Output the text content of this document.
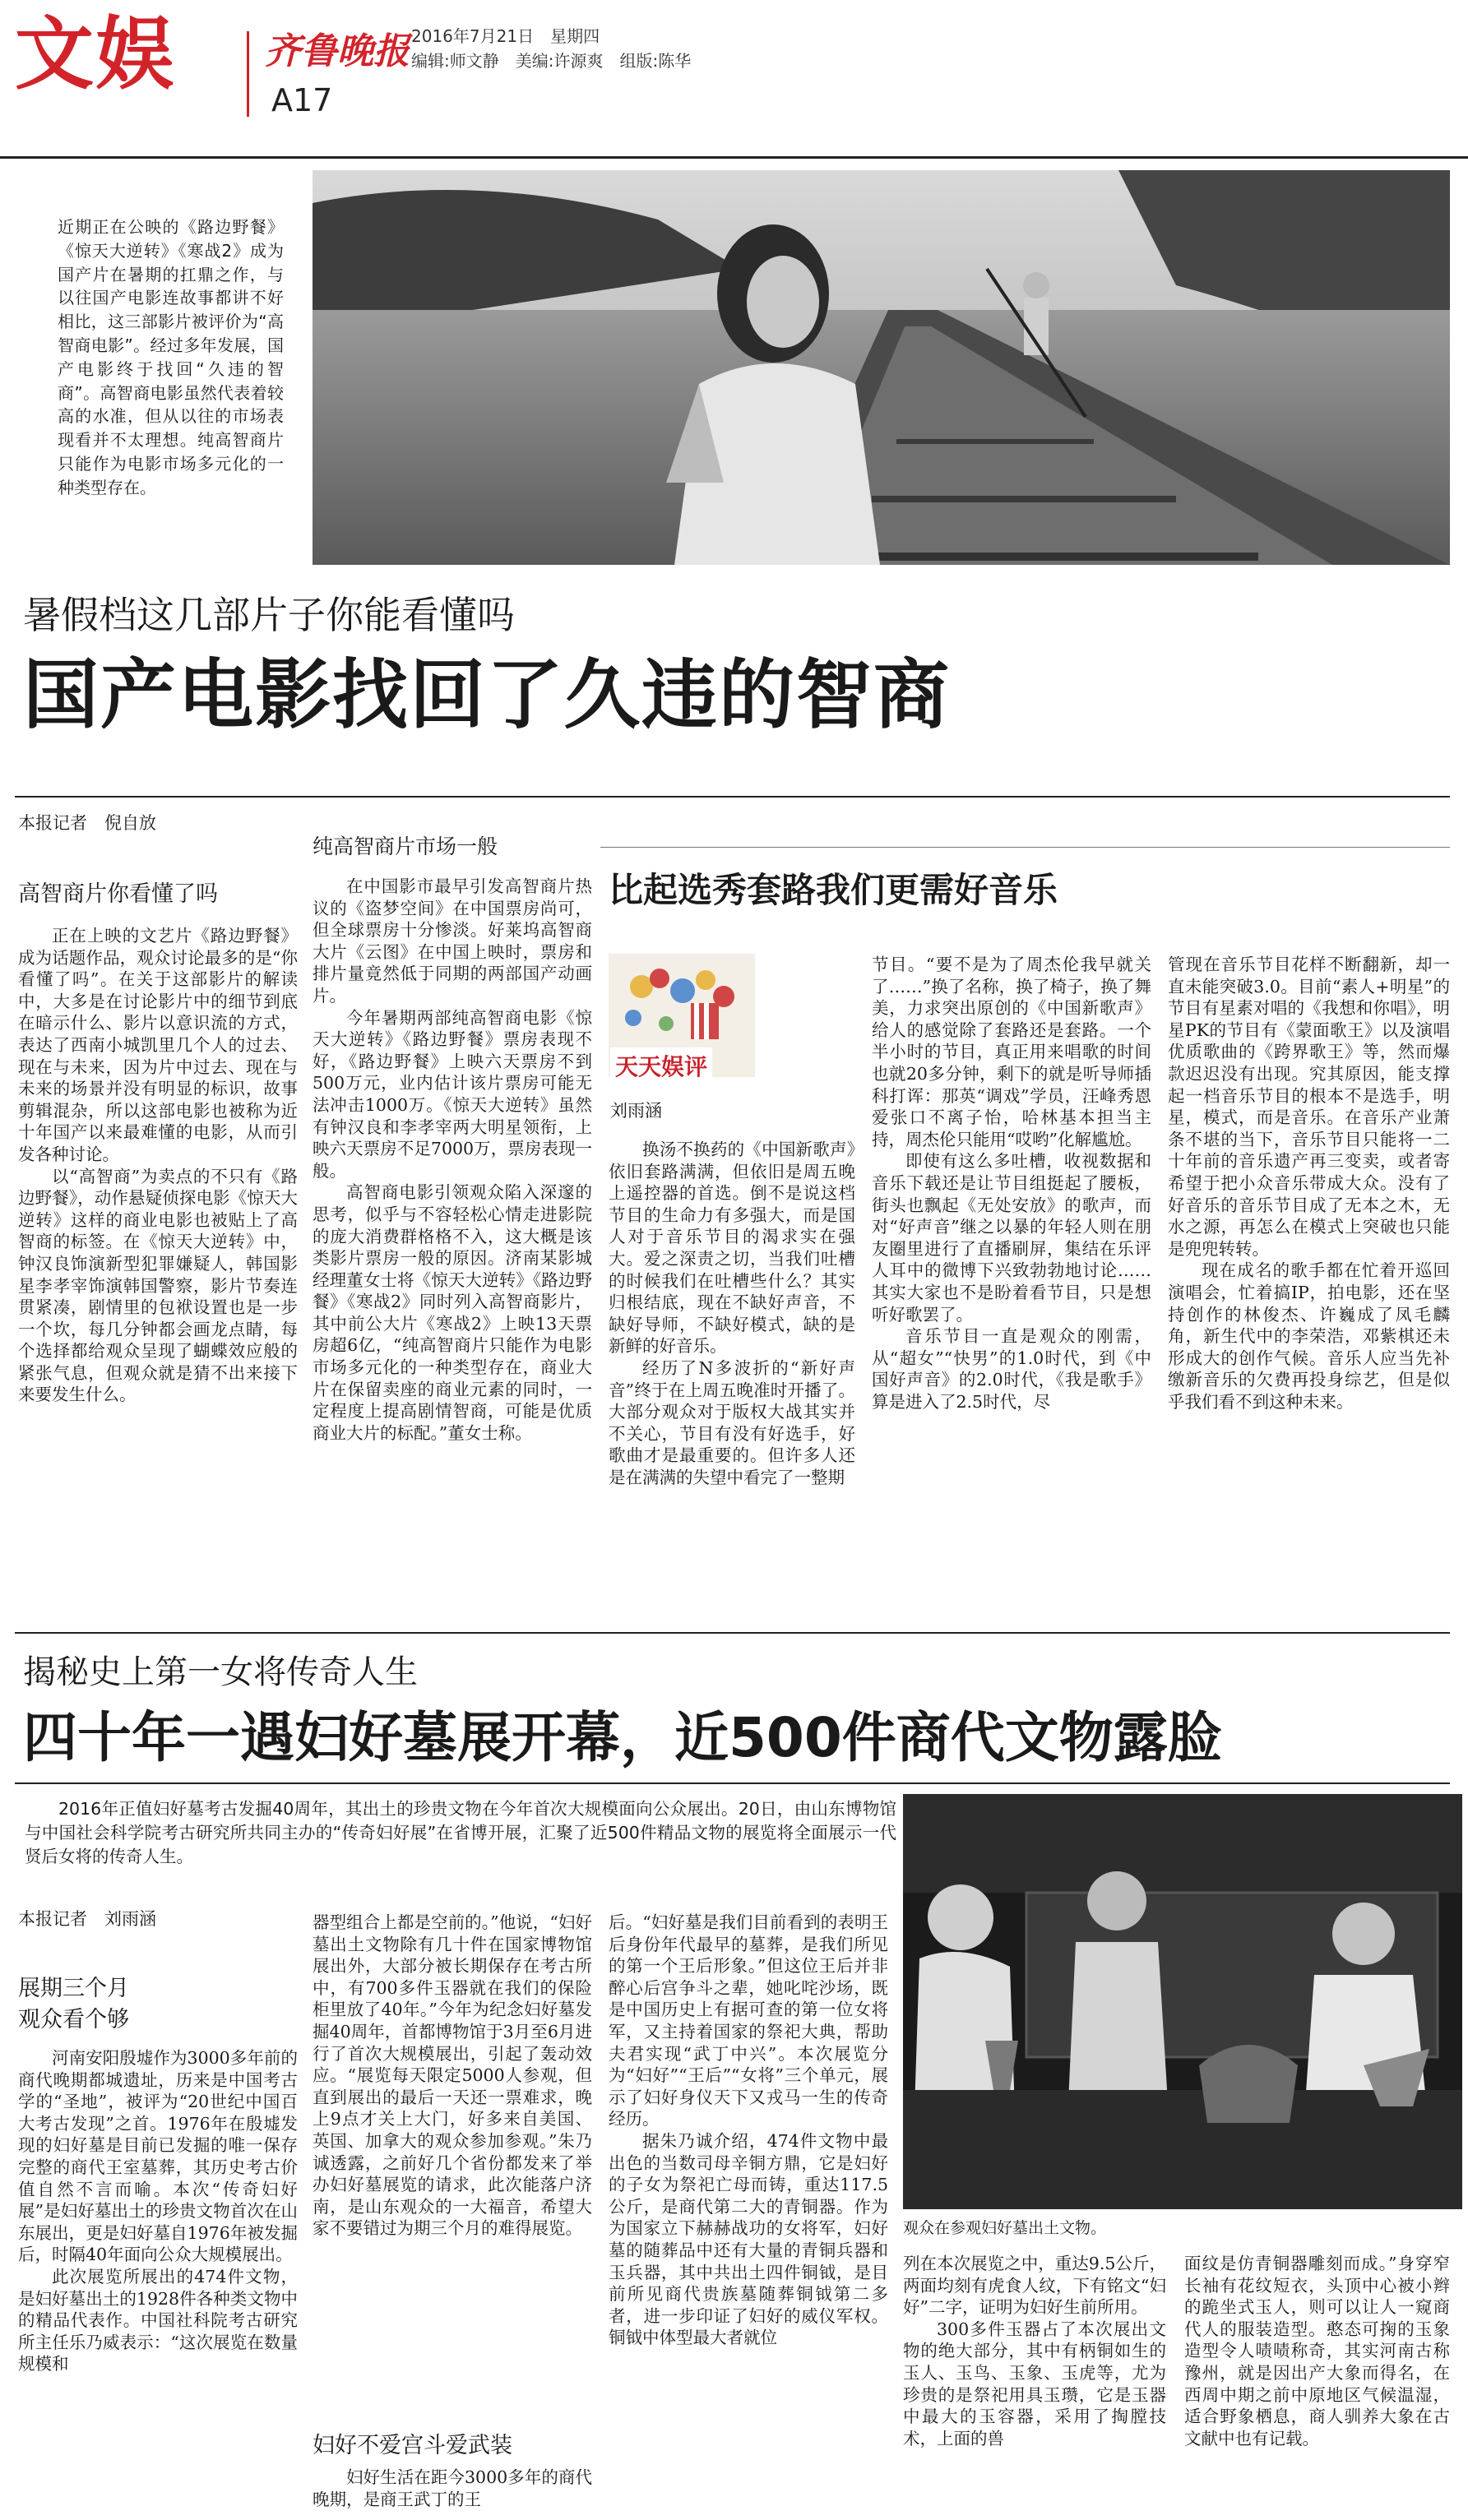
文娱 齐鲁晚报
A17
2016年7月21日　星期四
编辑:师文静　美编:许源爽　组版:陈华
近期正在公映的《路边野餐》《惊天大逆转》《寒战2》成为国产片在暑期的扛鼎之作，与以往国产电影连故事都讲不好相比，这三部影片被评价为“高智商电影”。经过多年发展，国产电影终于找回“久违的智商”。高智商电影虽然代表着较高的水准，但从以往的市场表现看并不太理想。纯高智商片只能作为电影市场多元化的一种类型存在。
暑假档这几部片子你能看懂吗
国产电影找回了久违的智商
本报记者　倪自放
高智商片你看懂了吗

正在上映的文艺片《路边野餐》成为话题作品，观众讨论最多的是“你看懂了吗”。在关于这部影片的解读中，大多是在讨论影片中的细节到底在暗示什么、影片以意识流的方式，表达了西南小城凯里几个人的过去、现在与未来，因为片中过去、现在与未来的场景并没有明显的标识，故事剪辑混杂，所以这部电影也被称为近十年国产以来最难懂的电影，从而引发各种讨论。

以“高智商”为卖点的不只有《路边野餐》，动作悬疑侦探电影《惊天大逆转》这样的商业电影也被贴上了高智商的标签。在《惊天大逆转》中，钟汉良饰演新型犯罪嫌疑人，韩国影星李孝宰饰演韩国警察，影片节奏连贯紧凑，剧情里的包袱设置也是一步一个坎，每几分钟都会画龙点睛，每个选择都给观众呈现了蝴蝶效应般的紧张气息，但观众就是猜不出来接下来要发生什么。

纯高智商片市场一般

在中国影市最早引发高智商片热议的《盗梦空间》在中国票房尚可，但全球票房十分惨淡。好莱坞高智商大片《云图》在中国上映时，票房和排片量竟然低于同期的两部国产动画片。

今年暑期两部纯高智商电影《惊天大逆转》《路边野餐》票房表现不好，《路边野餐》上映六天票房不到500万元，业内估计该片票房可能无法冲击1000万。《惊天大逆转》虽然有钟汉良和李孝宰两大明星领衔，上映六天票房不足7000万，票房表现一般。

高智商电影引领观众陷入深邃的思考，似乎与不容轻松心情走进影院的庞大消费群格格不入，这大概是该类影片票房一般的原因。济南某影城经理董女士将《惊天大逆转》《路边野餐》《寒战2》同时列入高智商影片，其中前公大片《寒战2》上映13天票房超6亿，“纯高智商片只能作为电影市场多元化的一种类型存在，商业大片在保留卖座的商业元素的同时，一定程度上提高剧情智商，可能是优质商业大片的标配。”董女士称。

比起选秀套路我们更需好音乐
天天娱评
刘雨涵

换汤不换药的《中国新歌声》依旧套路满满，但依旧是周五晚上遥控器的首选。倒不是说这档节目的生命力有多强大，而是国人对于音乐节目的渴求实在强大。爱之深责之切，当我们吐槽的时候我们在吐槽些什么？其实归根结底，现在不缺好声音，不缺好导师，不缺好模式，缺的是新鲜的好音乐。

经历了N多波折的“新好声音”终于在上周五晚准时开播了。大部分观众对于版权大战其实并不关心，节目有没有好选手，好歌曲才是最重要的。但许多人还是在满满的失望中看完了一整期

节目。“要不是为了周杰伦我早就关了……”换了名称，换了椅子，换了舞美，力求突出原创的《中国新歌声》给人的感觉除了套路还是套路。一个半小时的节目，真正用来唱歌的时间也就20多分钟，剩下的就是听导师插科打诨：那英“调戏”学员，汪峰秀恩爱张口不离子怡，哈林基本担当主持，周杰伦只能用“哎哟”化解尴尬。

即使有这么多吐槽，收视数据和音乐下载还是让节目组挺起了腰板，街头也飘起《无处安放》的歌声，而对“好声音”继之以暴的年轻人则在朋友圈里进行了直播刷屏，集结在乐评人耳中的微博下兴致勃勃地讨论……其实大家也不是盼着看节目，只是想听好歌罢了。

音乐节目一直是观众的刚需，从“超女”“快男”的1.0时代，到《中国好声音》的2.0时代，《我是歌手》算是进入了2.5时代，尽

管现在音乐节目花样不断翻新，却一直未能突破3.0。目前“素人+明星”的节目有星素对唱的《我想和你唱》，明星PK的节目有《蒙面歌王》以及演唱优质歌曲的《跨界歌王》等，然而爆款迟迟没有出现。究其原因，能支撑起一档音乐节目的根本不是选手，明星，模式，而是音乐。在音乐产业萧条不堪的当下，音乐节目只能将一二十年前的音乐遗产再三变卖，或者寄希望于把小众音乐带成大众。没有了好音乐的音乐节目成了无本之木，无水之源，再怎么在模式上突破也只能是兜兜转转。

现在成名的歌手都在忙着开巡回演唱会，忙着搞IP，拍电影，还在坚持创作的林俊杰、许巍成了凤毛麟角，新生代中的李荣浩，邓紫棋还未形成大的创作气候。音乐人应当先补缴新音乐的欠费再投身综艺，但是似乎我们看不到这种未来。

揭秘史上第一女将传奇人生
四十年一遇妇好墓展开幕，近500件商代文物露脸
2016年正值妇好墓考古发掘40周年，其出土的珍贵文物在今年首次大规模面向公众展出。20日，由山东博物馆与中国社会科学院考古研究所共同主办的“传奇妇好展”在省博开展，汇聚了近500件精品文物的展览将全面展示一代贤后女将的传奇人生。
观众在参观妇好墓出土文物。
本报记者　刘雨涵
展期三个月
观众看个够

河南安阳殷墟作为3000多年前的商代晚期都城遗址，历来是中国考古学的“圣地”，被评为“20世纪中国百大考古发现”之首。1976年在殷墟发现的妇好墓是目前已发掘的唯一保存完整的商代王室墓葬，其历史考古价值自然不言而喻。本次“传奇妇好展”是妇好墓出土的珍贵文物首次在山东展出，更是妇好墓自1976年被发掘后，时隔40年面向公众大规模展出。

此次展览所展出的474件文物，是妇好墓出土的1928件各种类文物中的精品代表作。中国社科院考古研究所主任乐乃威表示：“这次展览在数量规模和

器型组合上都是空前的。”他说，“妇好墓出土文物除有几十件在国家博物馆展出外，大部分被长期保存在考古所中，有700多件玉器就在我们的保险柜里放了40年。”今年为纪念妇好墓发掘40周年，首都博物馆于3月至6月进行了首次大规模展出，引起了轰动效应。“展览每天限定5000人参观，但直到展出的最后一天还一票难求，晚上9点才关上大门，好多来自美国、英国、加拿大的观众参加参观。”朱乃诚透露，之前好几个省份都发来了举办妇好墓展览的请求，此次能落户济南，是山东观众的一大福音，希望大家不要错过为期三个月的难得展览。

妇好不爱宫斗爱武装

妇好生活在距今3000多年的商代晚期，是商王武丁的王

后。“妇好墓是我们目前看到的表明王后身份年代最早的墓葬，是我们所见的第一个王后形象。”但这位王后并非醉心后宫争斗之辈，她叱咤沙场，既是中国历史上有据可查的第一位女将军，又主持着国家的祭祀大典，帮助夫君实现“武丁中兴”。本次展览分为“妇好”“王后”“女将”三个单元，展示了妇好身仪天下又戎马一生的传奇经历。

据朱乃诚介绍，474件文物中最出色的当数司母辛铜方鼎，它是妇好的子女为祭祀亡母而铸，重达117.5公斤，是商代第二大的青铜器。作为为国家立下赫赫战功的女将军，妇好墓的随葬品中还有大量的青铜兵器和玉兵器，其中共出土四件铜钺，是目前所见商代贵族墓随葬铜钺第二多者，进一步印证了妇好的威仪军权。铜钺中体型最大者就位

列在本次展览之中，重达9.5公斤，两面均刻有虎食人纹，下有铭文“妇好”二字，证明为妇好生前所用。

300多件玉器占了本次展出文物的绝大部分，其中有柄铜如生的玉人、玉鸟、玉象、玉虎等，尤为珍贵的是祭祀用具玉瓒，它是玉器中最大的玉容器，采用了掏膛技术，上面的兽

面纹是仿青铜器雕刻而成。”身穿窄长袖有花纹短衣，头顶中心被小辫的跪坐式玉人，则可以让人一窥商代人的服装造型。憨态可掬的玉象造型令人啧啧称奇，其实河南古称豫州，就是因出产大象而得名，在西周中期之前中原地区气候温湿，适合野象栖息，商人驯养大象在古文献中也有记载。
